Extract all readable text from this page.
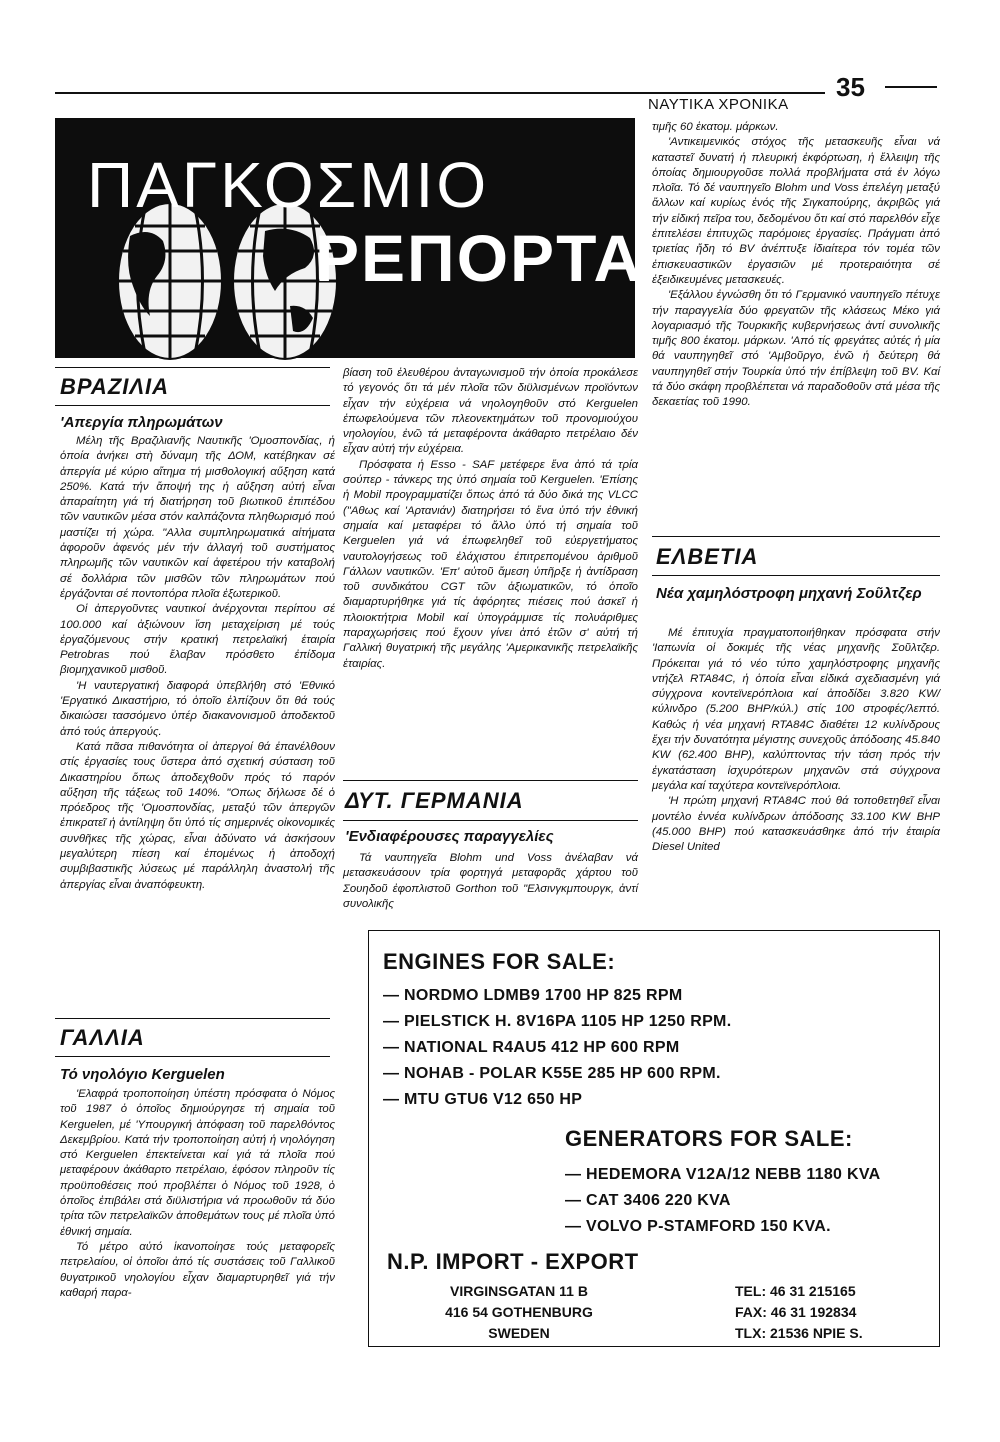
ΝΑΥΤΙΚΑ ΧΡΟΝΙΚΑ
35
ΠΑΓΚΟΣΜΙΟ
ΡΕΠΟΡΤΑΖ
ΒΡΑΖΙΛΙΑ
'Απεργία πληρωμάτων

Μέλη τῆς Βραζιλιανῆς Ναυτικῆς 'Ομοσπονδίας, ἡ ὁποία ἀνήκει στὴ δύναμη τῆς ΔΟΜ, κατέβηκαν σέ ἀπεργία μέ κύριο αἴτημα τή μισθολογική αὔξηση κατά 250%. Κατά τήν ἄποψή της ἡ αὔξηση αὐτή εἶναι ἀπαραίτητη γιά τή διατήρηση τοῦ βιωτικοῦ ἐπιπέδου τῶν ναυτικῶν μέσα στόν καλπάζοντα πληθωρισμό πού μαστίζει τή χώρα. "Αλλα συμπληρωματικά αἰτήματα ἀφοροῦν ἀφενός μέν τήν ἀλλαγή τοῦ συστήματος πληρωμῆς τῶν ναυτικῶν καί ἀφετέρου τήν καταβολή σέ δολλάρια τῶν μισθῶν τῶν πληρωμάτων πού ἐργάζονται σέ ποντοπόρα πλοῖα ἐξωτερικοῦ.

Οἱ ἀπεργοῦντες ναυτικοί ἀνέρχονται περίπου σέ 100.000 καί ἀξιώνουν ἴση μεταχείριση μέ τούς ἐργαζόμενους στήν κρατική πετρελαϊκή ἑταιρία Petrobras πού ἔλαβαν πρόσθετο ἐπίδομα βιομηχανικοῦ μισθοῦ.

'Η ναυτεργατική διαφορά ὑπεβλήθη στό 'Εθνικό 'Εργατικό Δικαστήριο, τό ὁποῖο ἐλπίζουν ὅτι θά τούς δικαιώσει τασσόμενο ὑπέρ διακανονισμοῦ ἀποδεκτοῦ ἀπό τούς ἀπεργούς.

Κατά πᾶσα πιθανότητα οἱ ἀπεργοί θά ἐπανέλθουν στίς ἐργασίες τους ὕστερα ἀπό σχετική σύσταση τοῦ Δικαστηρίου ὅπως ἀποδεχθοῦν πρός τό παρόν αὔξηση τῆς τάξεως τοῦ 140%. "Οπως δήλωσε δέ ὁ πρόεδρος τῆς 'Ομοσπονδίας, μεταξύ τῶν ἀπεργῶν ἐπικρατεῖ ἡ ἀντίληψη ὅτι ὑπό τίς σημερινές οἰκονομικές συνθῆκες τῆς χώρας, εἶναι ἀδύνατο νά ἀσκήσουν μεγαλύτερη πίεση καί ἑπομένως ἡ ἀποδοχή συμβιβαστικῆς λύσεως μέ παράλληλη ἀναστολή τῆς ἀπεργίας εἶναι ἀναπόφευκτη.

ΓΑΛΛΙΑ
Τό νηολόγιο Kerguelen

'Ελαφρά τροποποίηση ὑπέστη πρόσφατα ὁ Νόμος τοῦ 1987 ὁ ὁποῖος δημιούργησε τή σημαία τοῦ Kerguelen, μέ 'Υπουργική ἀπόφαση τοῦ παρελθόντος Δεκεμβρίου. Κατά τήν τροποποίηση αὐτή ἡ νηολόγηση στό Kerguelen ἐπεκτείνεται καί γιά τά πλοῖα πού μεταφέρουν ἀκάθαρτο πετρέλαιο, ἐφόσον πληροῦν τίς προϋποθέσεις πού προβλέπει ὁ Νόμος τοῦ 1928, ὁ ὁποῖος ἐπιβάλει στά διϋλιστήρια νά προωθοῦν τά δύο τρίτα τῶν πετρελαϊκῶν ἀποθεμάτων τους μέ πλοῖα ὑπό ἐθνική σημαία.

Τό μέτρο αὐτό ἱκανοποίησε τούς μεταφορεῖς πετρελαίου, οἱ ὁποῖοι ἀπό τίς συστάσεις τοῦ Γαλλικοῦ θυγατρικοῦ νηολογίου εἶχαν διαμαρτυρηθεῖ γιά τήν καθαρή παρα-

βίαση τοῦ ἐλευθέρου ἀνταγωνισμοῦ τήν ὁποία προκάλεσε τό γεγονός ὅτι τά μέν πλοῖα τῶν διϋλισμένων προϊόντων εἶχαν τήν εὐχέρεια νά νηολογηθοῦν στό Kerguelen ἐπωφελούμενα τῶν πλεονεκτημάτων τοῦ προνομιούχου νηολογίου, ἐνῶ τά μεταφέροντα ἀκάθαρτο πετρέλαιο δέν εἶχαν αὐτή τήν εὐχέρεια.

Πρόσφατα ἡ Esso - SAF μετέφερε ἕνα ἀπό τά τρία σούπερ - τάνκερς της ὑπό σημαία τοῦ Kerguelen. 'Επίσης ἡ Mobil προγραμματίζει ὅπως ἀπό τά δύο δικά της VLCC ("Αθως καί 'Αρτανιάν) διατηρήσει τό ἕνα ὑπό τήν ἐθνική σημαία καί μεταφέρει τό ἄλλο ὑπό τή σημαία τοῦ Kerguelen γιά νά ἐπωφεληθεῖ τοῦ εὐεργετήματος ναυτολογήσεως τοῦ ἐλάχιστου ἐπιτρεπομένου ἀριθμοῦ Γάλλων ναυτικῶν. 'Επ' αὐτοῦ ἄμεση ὑπῆρξε ἡ ἀντίδραση τοῦ συνδικάτου CGT τῶν ἀξιωματικῶν, τό ὁποῖο διαμαρτυρήθηκε γιά τίς ἀφόρητες πιέσεις πού ἀσκεῖ ἡ πλοιοκτήτρια Mobil καί ὑπογράμμισε τίς πολυάριθμες παραχωρήσεις πού ἔχουν γίνει ἀπό ἐτῶν σ' αὐτή τή Γαλλική θυγατρική τῆς μεγάλης 'Αμερικανικῆς πετρελαϊκῆς ἑταιρίας.

ΔΥΤ. ΓΕΡΜΑΝΙΑ
'Ενδιαφέρουσες παραγγελίες

Τά ναυπηγεῖα Blohm und Voss ἀνέλαβαν νά μετασκευάσουν τρία φορτηγά μεταφορᾶς χάρτου τοῦ Σουηδοῦ ἐφοπλιστοῦ Gorthon τοῦ "Ελσινγκμπουργκ, ἀντί συνολικῆς

τιμῆς 60 ἑκατομ. μάρκων.

'Αντικειμενικός στόχος τῆς μετασκευῆς εἶναι νά καταστεῖ δυνατή ἡ πλευρική ἐκφόρτωση, ἡ ἔλλειψη τῆς ὁποίας δημιουργοῦσε πολλά προβλήματα στά ἐν λόγω πλοῖα. Τό δέ ναυπηγεῖο Blohm und Voss ἐπελέγη μεταξύ ἄλλων καί κυρίως ἐνός τῆς Σιγκαπούρης, ἀκριβῶς γιά τήν εἰδική πεῖρα του, δεδομένου ὅτι καί στό παρελθόν εἶχε ἐπιτελέσει ἐπιτυχῶς παρόμοιες ἐργασίες. Πράγματι ἀπό τριετίας ἤδη τό BV ἀνέπτυξε ἰδιαίτερα τόν τομέα τῶν ἐπισκευαστικῶν ἐργασιῶν μέ προτεραιότητα σέ ἐξειδικευμένες μετασκευές.

'Εξάλλου ἐγνώσθη ὅτι τό Γερμανικό ναυπηγεῖο πέτυχε τήν παραγγελία δύο φρεγατῶν τῆς κλάσεως Μέκο γιά λογαριασμό τῆς Τουρκικῆς κυβερνήσεως ἀντί συνολικῆς τιμῆς 800 ἑκατομ. μάρκων. 'Από τίς φρεγάτες αὐτές ἡ μία θά ναυπηγηθεῖ στό 'Αμβοῦργο, ἐνῶ ἡ δεύτερη θά ναυπηγηθεῖ στήν Τουρκία ὑπό τήν ἐπίβλεψη τοῦ BV. Καί τά δύο σκάφη προβλέπεται νά παραδοθοῦν στά μέσα τῆς δεκαετίας τοῦ 1990.

ΕΛΒΕΤΙΑ
Νέα χαμηλόστροφη μηχανή Σοῦλτζερ

Μέ ἐπιτυχία πραγματοποιήθηκαν πρόσφατα στήν 'Ιαπωνία οἱ δοκιμές τῆς νέας μηχανῆς Σοῦλτζερ. Πρόκειται γιά τό νέο τύπο χαμηλόστροφης μηχανῆς ντήζελ RTA84C, ἡ ὁποία εἶναι εἰδικά σχεδιασμένη γιά σύγχρονα κοντεϊνερόπλοια καί ἀποδίδει 3.820 KW/κύλινδρο (5.200 BHP/κύλ.) στίς 100 στροφές/λεπτό. Καθώς ἡ νέα μηχανή RTA84C διαθέτει 12 κυλίνδρους ἔχει τήν δυνατότητα μέγιστης συνεχοῦς ἀπόδοσης 45.840 KW (62.400 BHP), καλύπτοντας τήν τάση πρός τήν ἐγκατάσταση ἰσχυρότερων μηχανῶν στά σύγχρονα μεγάλα καί ταχύτερα κοντεϊνερόπλοια.

'Η πρώτη μηχανή RTA84C πού θά τοποθετηθεῖ εἶναι μοντέλο ἐννέα κυλίνδρων ἀπόδοσης 33.100 KW BHP (45.000 BHP) πού κατασκευάσθηκε ἀπό τήν ἑταιρία Diesel United

ENGINES FOR SALE:
— NORDMO LDMB9 1700 HP 825 RPM
— PIELSTICK H. 8V16PA 1105 HP 1250 RPM.
— NATIONAL R4AU5 412 HP 600 RPM
— NOHAB - POLAR K55E 285 HP 600 RPM.
— MTU GTU6 V12 650 HP
GENERATORS FOR SALE:
— HEDEMORA V12A/12 NEBB 1180 KVA
— CAT 3406 220 KVA
— VOLVO P-STAMFORD 150 KVA.
N.P. IMPORT - EXPORT
VIRGINSGATAN 11 B
416 54 GOTHENBURG
SWEDEN
TEL: 46 31 215165
FAX: 46 31 192834
TLX: 21536 NPIE S.
